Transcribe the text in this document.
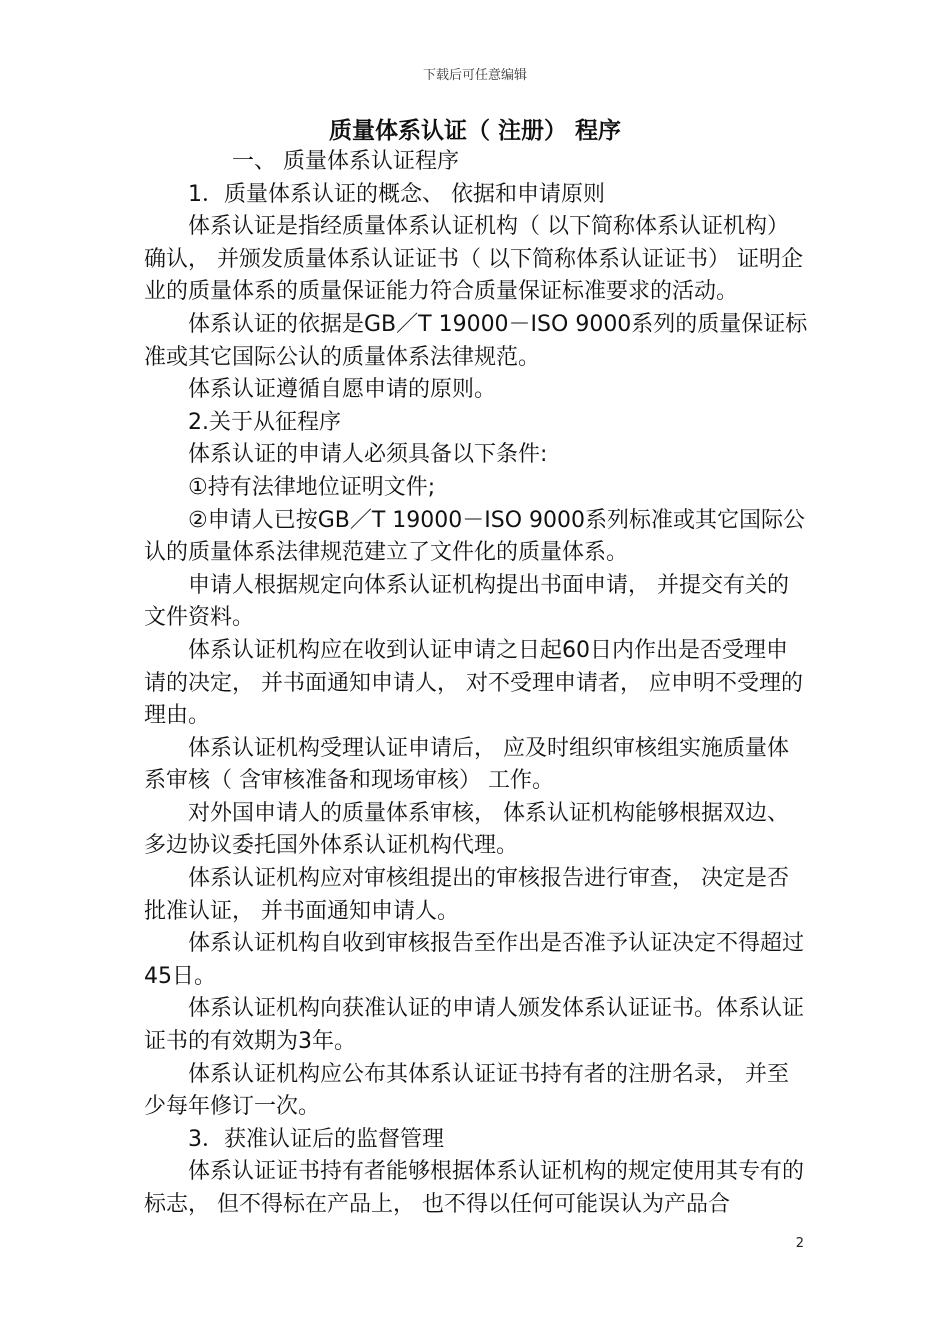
下载后可任意编辑
质量体系认证（ 注册） 程序

一、 质量体系认证程序

1．质量体系认证的概念、 依据和申请原则

体系认证是指经质量体系认证机构（ 以下简称体系认证机构）确认， 并颁发质量体系认证证书（ 以下简称体系认证证书） 证明企业的质量体系的质量保证能力符合质量保证标准要求的活动。

体系认证的依据是GB／T 19000－ISO 9000系列的质量保证标准或其它国际公认的质量体系法律规范。

体系认证遵循自愿申请的原则。

2.关于从征程序

体系认证的申请人必须具备以下条件:

①持有法律地位证明文件;

②申请人已按GB／T 19000－ISO 9000系列标准或其它国际公认的质量体系法律规范建立了文件化的质量体系。

申请人根据规定向体系认证机构提出书面申请， 并提交有关的文件资料。

体系认证机构应在收到认证申请之日起60日内作出是否受理申请的决定， 并书面通知申请人， 对不受理申请者， 应申明不受理的理由。

体系认证机构受理认证申请后， 应及时组织审核组实施质量体系审核（ 含审核准备和现场审核） 工作。

对外国申请人的质量体系审核， 体系认证机构能够根据双边、 多边协议委托国外体系认证机构代理。

体系认证机构应对审核组提出的审核报告进行审查， 决定是否批准认证， 并书面通知申请人。

体系认证机构自收到审核报告至作出是否准予认证决定不得超过45日。

体系认证机构向获准认证的申请人颁发体系认证证书。体系认证证书的有效期为3年。

体系认证机构应公布其体系认证证书持有者的注册名录， 并至少每年修订一次。

3．获准认证后的监督管理

体系认证证书持有者能够根据体系认证机构的规定使用其专有的标志， 但不得标在产品上， 也不得以任何可能误认为产品合

2
